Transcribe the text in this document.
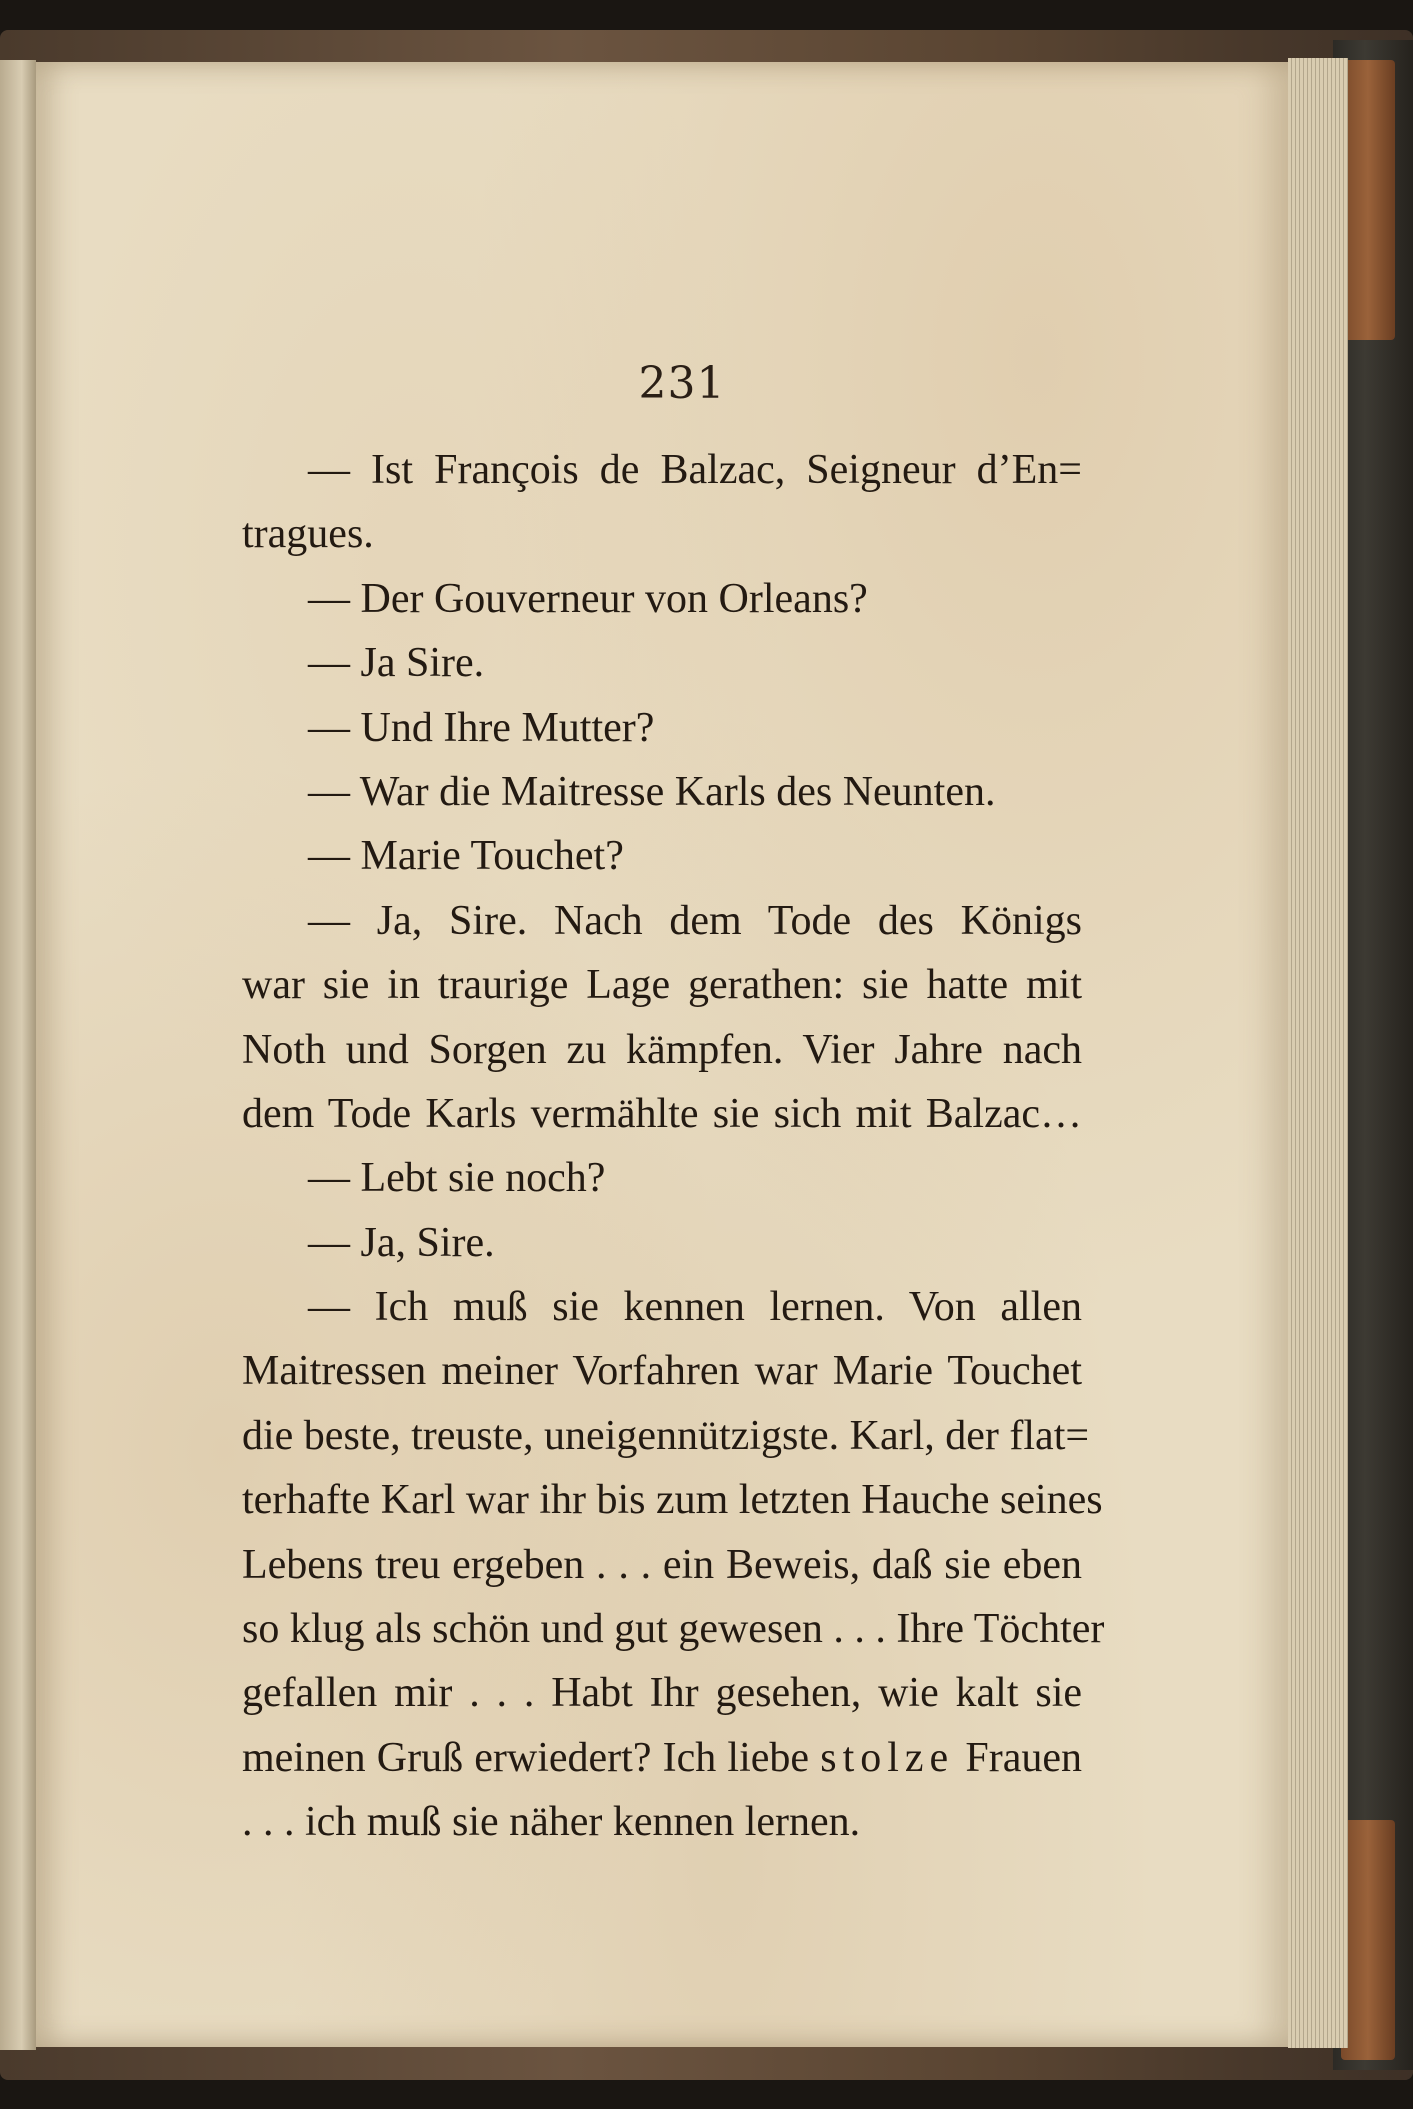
231
— Ist François de Balzac, Seigneur d’En=
tragues.
— Der Gouverneur von Orleans?
— Ja Sire.
— Und Ihre Mutter?
— War die Maitresse Karls des Neunten.
— Marie Touchet?
— Ja, Sire. Nach dem Tode des Königs
war sie in traurige Lage gerathen: sie hatte mit
Noth und Sorgen zu kämpfen. Vier Jahre nach
dem Tode Karls vermählte sie sich mit Balzac…
— Lebt sie noch?
— Ja, Sire.
— Ich muß sie kennen lernen. Von allen
Maitressen meiner Vorfahren war Marie Touchet
die beste, treuste, uneigennützigste. Karl, der flat=
terhafte Karl war ihr bis zum letzten Hauche seines
Lebens treu ergeben . . . ein Beweis, daß sie eben
so klug als schön und gut gewesen . . . Ihre Töchter
gefallen mir . . . Habt Ihr gesehen, wie kalt sie
meinen Gruß erwiedert? Ich liebe stolze Frauen
. . . ich muß sie näher kennen lernen.
